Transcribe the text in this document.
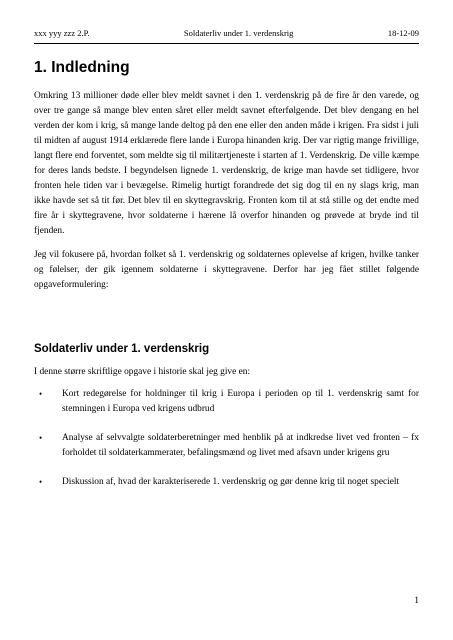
xxx yyy zzz 2.P.	Soldaterliv under 1. verdenskrig	18-12-09
1. Indledning

Omkring 13 millioner døde eller blev meldt savnet i den 1. verdenskrig på de fire år den varede, og over tre gange så mange blev enten såret eller meldt savnet efterfølgende. Det blev dengang en hel verden der kom i krig, så mange lande deltog på den ene eller den anden måde i krigen. Fra sidst i juli til midten af august 1914 erklærede flere lande i Europa hinanden krig. Der var rigtig mange frivillige, langt flere end forventet, som meldte sig til militærtjeneste i starten af 1. Verdenskrig. De ville kæmpe for deres lands bedste. I begyndelsen lignede 1. verdenskrig, de krige man havde set tidligere, hvor fronten hele tiden var i bevægelse. Rimelig hurtigt forandrede det sig dog til en ny slags krig, man ikke havde set så tit før. Det blev til en skyttegravskrig. Fronten kom til at stå stille og det endte med fire år i skyttegravene, hvor soldaterne i hærene lå overfor hinanden og prøvede at bryde ind til fjenden.

Jeg vil fokusere på, hvordan folket så 1. verdenskrig og soldaternes oplevelse af krigen, hvilke tanker og følelser, der gik igennem soldaterne i skyttegravene. Derfor har jeg fået stillet følgende opgaveformulering:

Soldaterliv under 1. verdenskrig

I denne større skriftlige opgave i historie skal jeg give en:

•	Kort redegørelse for holdninger til krig i Europa i perioden op til 1. verdenskrig samt for stemningen i Europa ved krigens udbrud
•	Analyse af selvvalgte soldaterberetninger med henblik på at indkredse livet ved fronten – fx forholdet til soldaterkammerater, befalingsmænd og livet med afsavn under krigens gru
•	Diskussion af, hvad der karakteriserede 1. verdenskrig og gør denne krig til noget specielt
1
